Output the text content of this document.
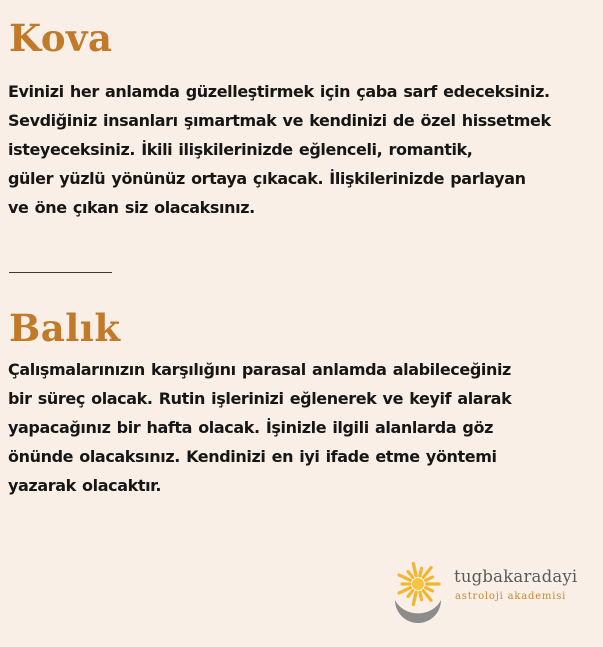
Kova

Evinizi her anlamda güzelleştirmek için çaba sarf edeceksiniz.
Sevdiğiniz insanları şımartmak ve kendinizi de özel hissetmek
isteyeceksiniz. İkili ilişkilerinizde eğlenceli, romantik,
güler yüzlü yönünüz ortaya çıkacak. İlişkilerinizde parlayan
ve öne çıkan siz olacaksınız.

Balık

Çalışmalarınızın karşılığını parasal anlamda alabileceğiniz
bir süreç olacak. Rutin işlerinizi eğlenerek ve keyif alarak
yapacağınız bir hafta olacak. İşinizle ilgili alanlarda göz
önünde olacaksınız. Kendinizi en iyi ifade etme yöntemi
yazarak olacaktır.

tugbakaradayi
astroloji akademisi
